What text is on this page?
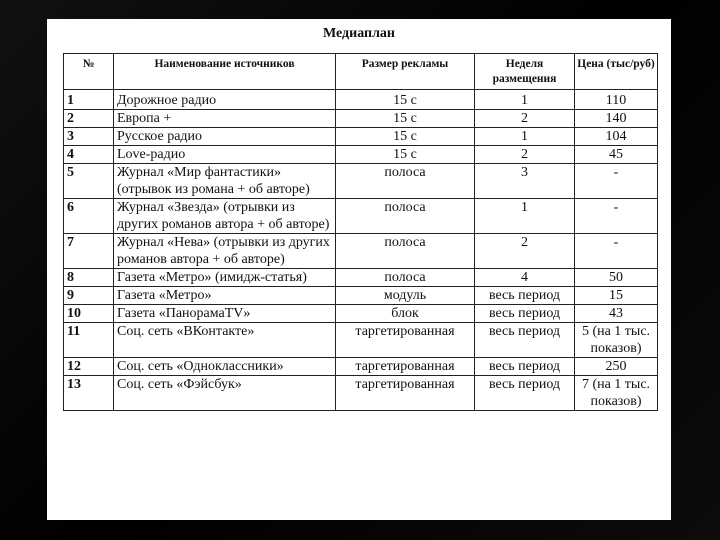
Медиаплан
№	Наименование источников	Размер рекламы	Неделя размещения	Цена (тыс/руб)
1	Дорожное радио	15 с	1	110
2	Европа +	15 с	2	140
3	Русское радио	15 с	1	104
4	Love-радио	15 с	2	45
5	Журнал «Мир фантастики» (отрывок из романа + об авторе)	полоса	3	-
6	Журнал «Звезда» (отрывки из других романов автора + об авторе)	полоса	1	-
7	Журнал «Нева» (отрывки из других романов автора + об авторе)	полоса	2	-
8	Газета «Метро» (имидж-статья)	полоса	4	50
9	Газета «Метро»	модуль	весь период	15
10	Газета «ПанорамаTV»	блок	весь период	43
11	Соц. сеть «ВКонтакте»	таргетированная	весь период	5 (на 1 тыс. показов)
12	Соц. сеть «Одноклассники»	таргетированная	весь период	250
13	Соц. сеть «Фэйсбук»	таргетированная	весь период	7 (на 1 тыс. показов)
